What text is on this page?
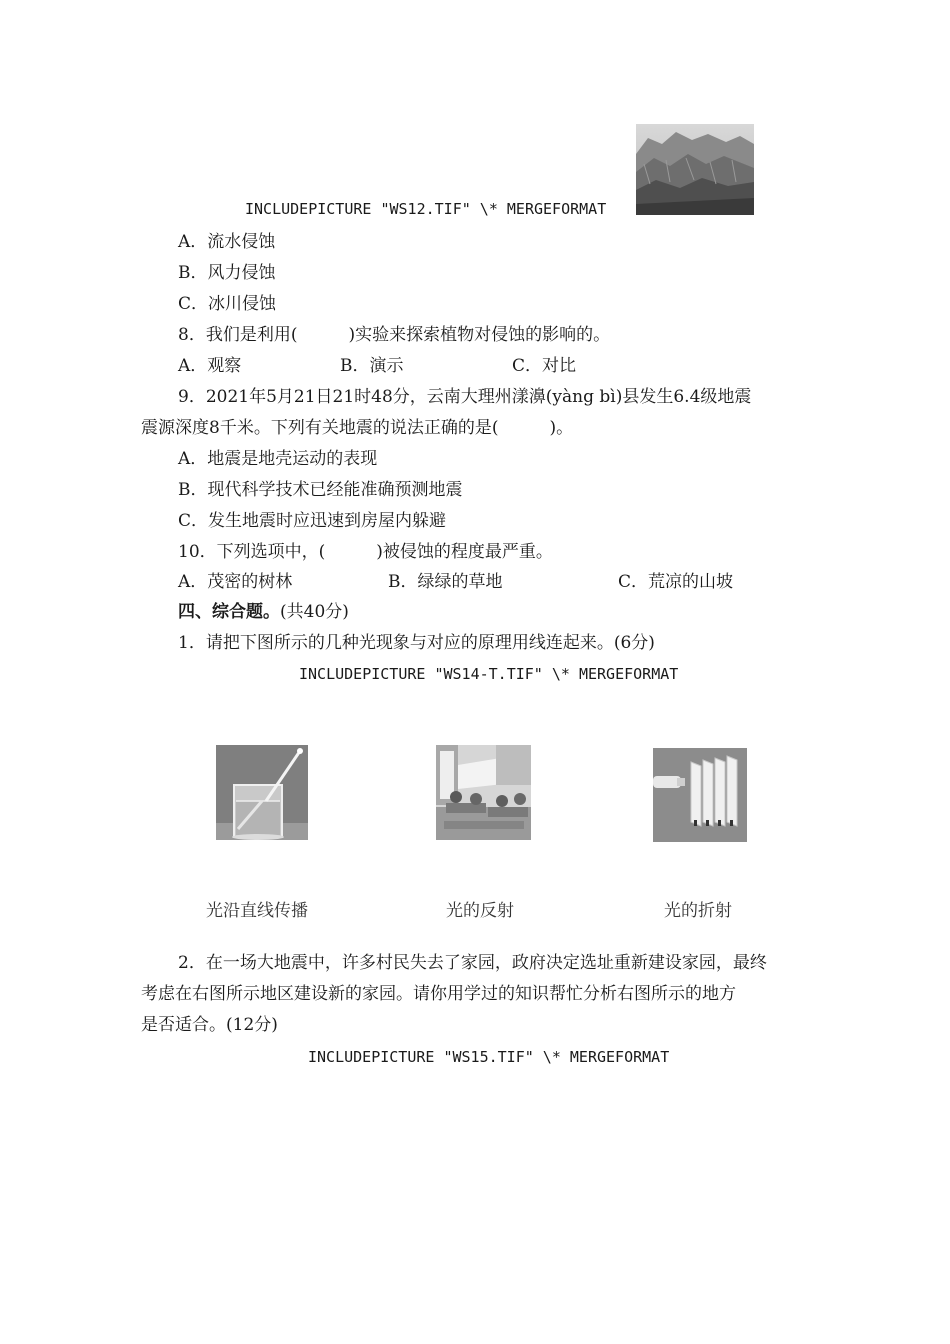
INCLUDEPICTURE "WS12.TIF" \* MERGEFORMAT
A．流水侵蚀
B．风力侵蚀
C．冰川侵蚀
8．我们是利用(　　　)实验来探索植物对侵蚀的影响的。
A．观察	B．演示	C．对比
9．2021年5月21日21时48分，云南大理州漾濞(yàng bì)县发生6.4级地震
震源深度8千米。下列有关地震的说法正确的是(　　　)。
A．地震是地壳运动的表现
B．现代科学技术已经能准确预测地震
C．发生地震时应迅速到房屋内躲避
10．下列选项中，(　　　)被侵蚀的程度最严重。
A．茂密的树林	B．绿绿的草地	C．荒凉的山坡
四、综合题。(共40分)
1．请把下图所示的几种光现象与对应的原理用线连起来。(6分)
INCLUDEPICTURE "WS14-T.TIF" \* MERGEFORMAT
光沿直线传播	光的反射	光的折射
2．在一场大地震中，许多村民失去了家园，政府决定选址重新建设家园，最终
考虑在右图所示地区建设新的家园。请你用学过的知识帮忙分析右图所示的地方
是否适合。(12分)
INCLUDEPICTURE "WS15.TIF" \* MERGEFORMAT
